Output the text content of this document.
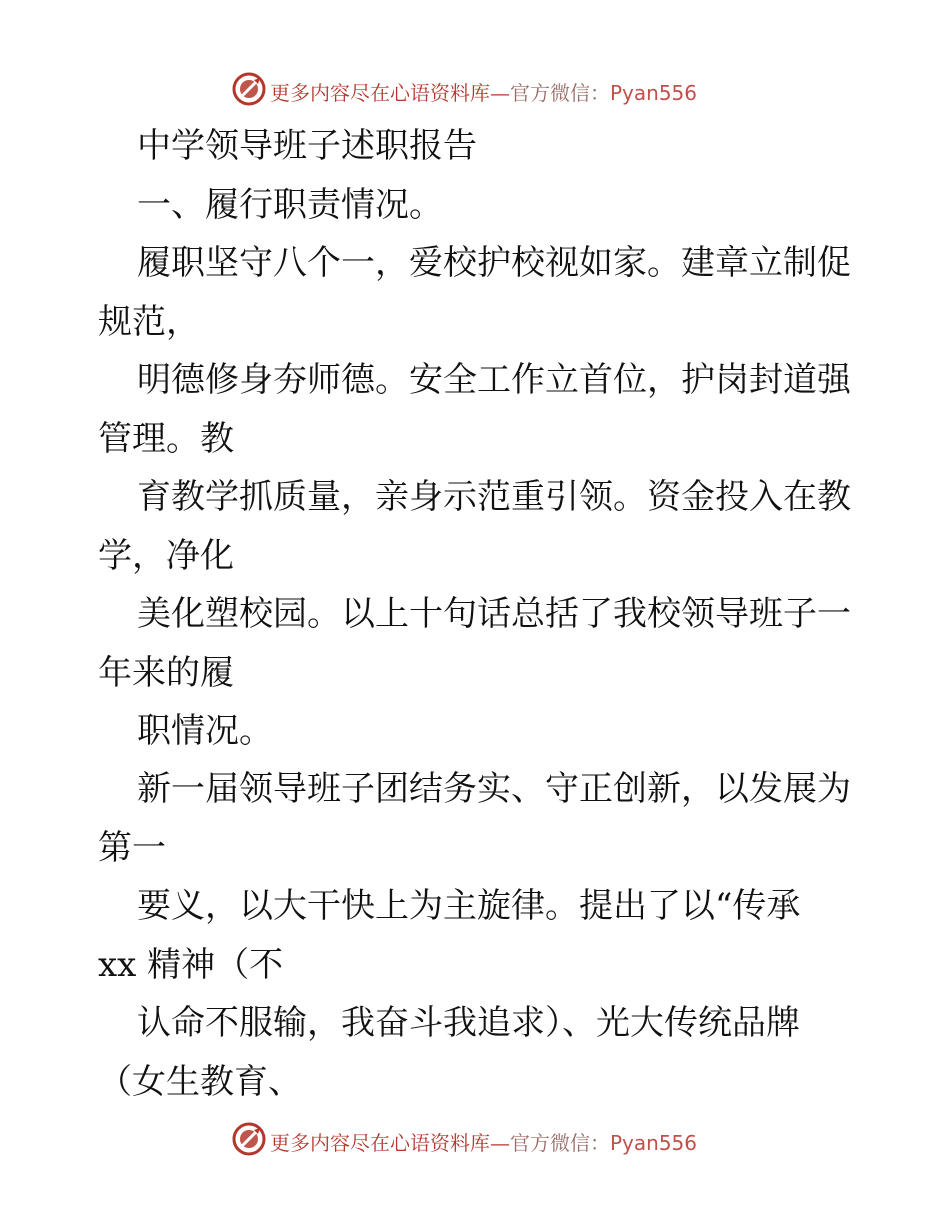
更多内容尽在心语资料库—官方微信：Pyan556
中学领导班子述职报告
一、履行职责情况。
履职坚守八个一，爱校护校视如家。建章立制促
规范，
明德修身夯师德。安全工作立首位，护岗封道强
管理。教
育教学抓质量，亲身示范重引领。资金投入在教
学，净化
美化塑校园。以上十句话总括了我校领导班子一
年来的履
职情况。
新一届领导班子团结务实、守正创新，以发展为
第一
要义，以大干快上为主旋律。提出了以“传承
xx 精神（不
认命不服输，我奋斗我追求）、光大传统品牌
（女生教育、
更多内容尽在心语资料库—官方微信：Pyan556
